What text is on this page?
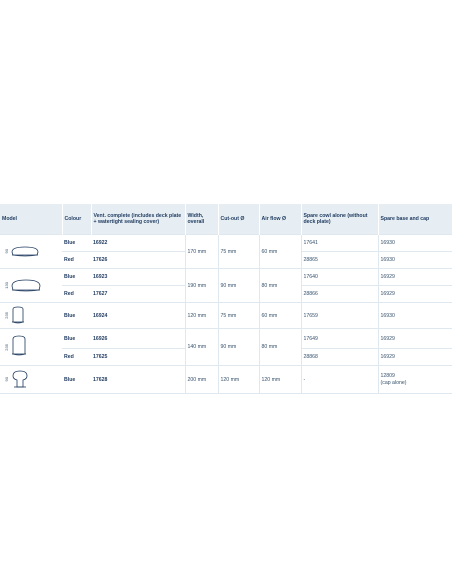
Model	Colour	Vent. complete (includes deck plate + watertight sealing cover)	Width, overall	Cut-out Ø	Air flow Ø	Spare cowl alone (without deck plate)	Spare base and cap

90	Blue	16922	170 mm	75 mm	60 mm	17641	16930
	Red	17626				28865	16930

130	Blue	16923	190 mm	90 mm	80 mm	17640	16929
	Red	17627				28866	16929

235	Blue	16924	120 mm	75 mm	60 mm	17659	16930

235	Blue	16926	140 mm	90 mm	80 mm	17649	16929
	Red	17625				28868	16929

90	Blue	17628	200 mm	120 mm	120 mm	-	12809
(cap alone)
